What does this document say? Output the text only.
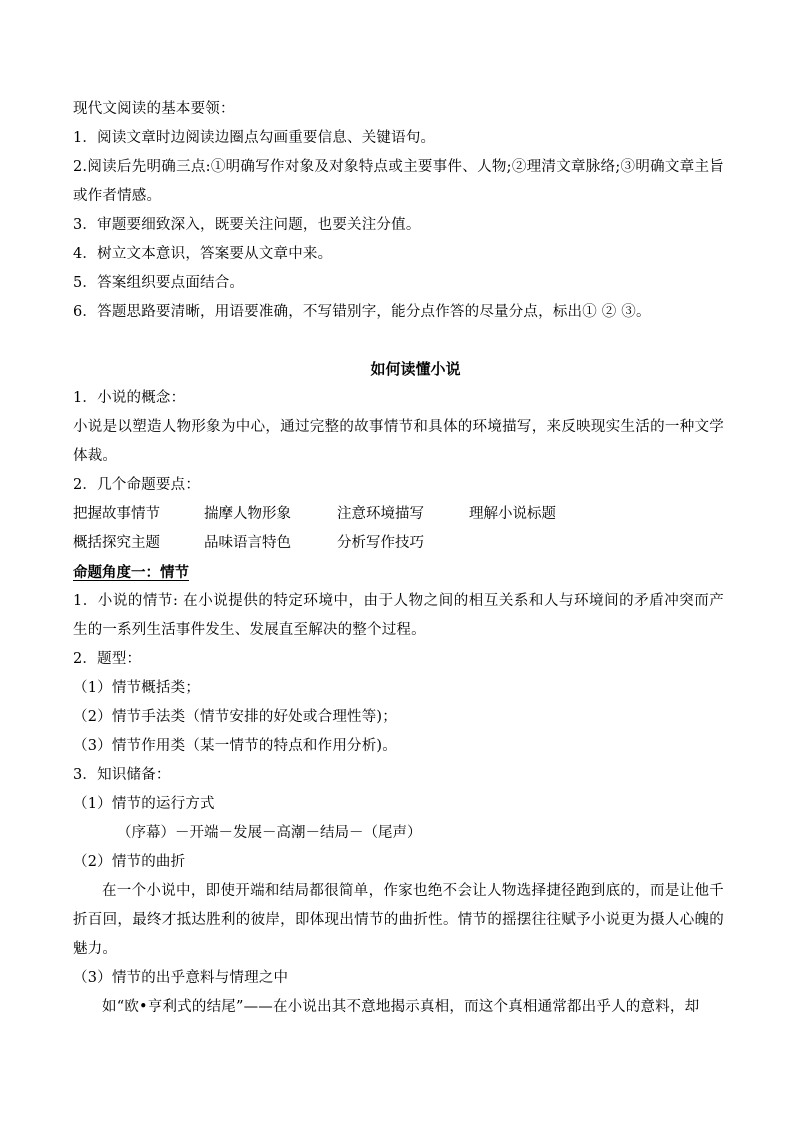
现代文阅读的基本要领：
1．阅读文章时边阅读边圈点勾画重要信息、关键语句。
2.阅读后先明确三点:①明确写作对象及对象特点或主要事件、人物;②理清文章脉络;③明确文章主旨或作者情感。
3．审题要细致深入，既要关注问题，也要关注分值。
4．树立文本意识，答案要从文章中来。
5．答案组织要点面结合。
6．答题思路要清晰，用语要准确，不写错别字，能分点作答的尽量分点，标出① ② ③。
如何读懂小说
1．小说的概念：
小说是以塑造人物形象为中心，通过完整的故事情节和具体的环境描写，来反映现实生活的一种文学体裁。
2．几个命题要点：
把握故事情节	揣摩人物形象	注意环境描写	理解小说标题
概括探究主题	品味语言特色	分析写作技巧
命题角度一：情节
1．小说的情节: 在小说提供的特定环境中，由于人物之间的相互关系和人与环境间的矛盾冲突而产生的一系列生活事件发生、发展直至解决的整个过程。
2．题型：
（1）情节概括类；
（2）情节手法类（情节安排的好处或合理性等)；
（3）情节作用类（某一情节的特点和作用分析)。
3．知识储备：
（1）情节的运行方式
（序幕）－开端－发展－高潮－结局－（尾声）
（2）情节的曲折
在一个小说中，即使开端和结局都很简单，作家也绝不会让人物选择捷径跑到底的，而是让他千折百回，最终才抵达胜利的彼岸，即体现出情节的曲折性。情节的摇摆往往赋予小说更为摄人心魄的魅力。
（3）情节的出乎意料与情理之中
如“欧•亨利式的结尾”——在小说出其不意地揭示真相，而这个真相通常都出乎人的意料，却
